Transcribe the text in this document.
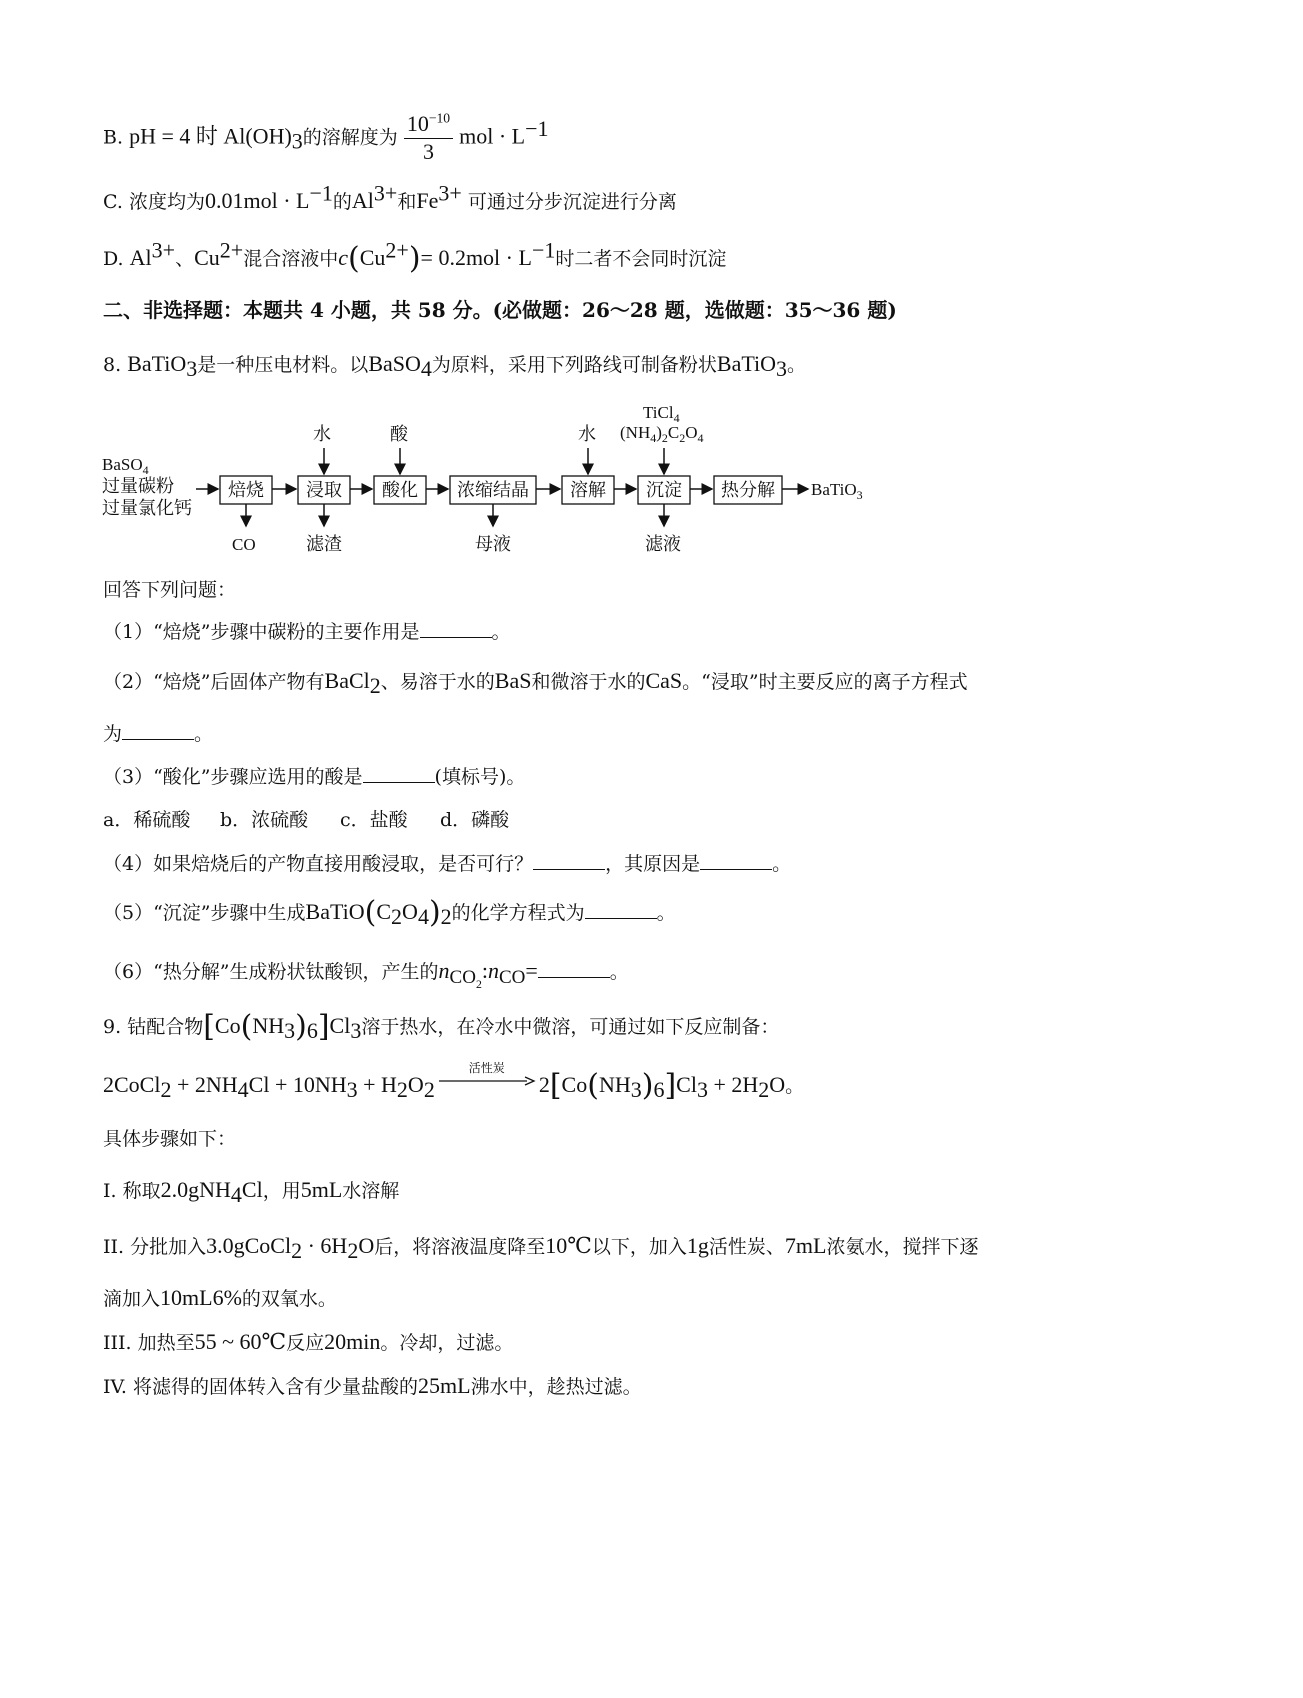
B. pH = 4 时 $Al(OH)_3$的溶解度为 $\frac{10^{-10}}{3}$ mol · $L^{-1}$
C. 浓度均为$0.01mol \cdot L^{-1}$的$Al^{3+}$和$Fe^{3+}$ 可通过分步沉淀进行分离
D. $Al^{3+}$、$Cu^{2+}$混合溶液中$c(Cu^{2+})= 0.2mol \cdot L^{-1}$时二者不会同时沉淀
二、非选择题：本题共 4 小题，共 58 分。(必做题：26～28 题，选做题：35～36 题)
8. BaTiO$_3$是一种压电材料。以BaSO$_4$为原料，采用下列路线可制备粉状BaTiO$_3$。
BaSO$_4$
过量碳粉
过量氯化钙
焙烧
CO
浸取
水
滤渣
酸化
酸
浓缩结晶
母液
溶解
水
沉淀
TiCl$_4$
$(NH_4)_2C_2O_4$
滤液
热分解 BaTiO$_3$
回答下列问题：
（1）“焙烧”步骤中碳粉的主要作用是	。
（2）“焙烧”后固体产物有BaCl$_2$、易溶于水的BaS和微溶于水的CaS。“浸取”时主要反应的离子方程式
为	。
（3）“酸化”步骤应选用的酸是	(填标号)。
a．稀硫酸 b．浓硫酸 c．盐酸 d．磷酸
（4）如果焙烧后的产物直接用酸浸取，是否可行？	，其原因是	。
（5）“沉淀”步骤中生成$BaTiO(C_2O_4)_2$的化学方程式为	。
（6）“热分解”生成粉状钛酸钡，产生的$n_{CO_2}:n_{CO}=$	。
9. 钴配合物$[Co(NH_3)_6]Cl_3$溶于热水，在冷水中微溶，可通过如下反应制备：
2CoCl$_2$ + $2NH_4Cl + 10NH_3 + H_2O_2$
活性炭
$2[Co(NH_3)_6]Cl_3 + 2H_2O$。
具体步骤如下：
I. 称取2.0gNH$_4$Cl，用5mL水溶解
II. 分批加入3.0gCoCl$_2$ · $6H_2O$后，将溶液温度降至10℃以下，加入1g活性炭、7mL浓氨水，搅拌下逐
滴加入10mL6%的双氧水。
III. 加热至55 ~ 60℃反应20min。冷却，过滤。
IV. 将滤得的固体转入含有少量盐酸的25mL沸水中，趁热过滤。
